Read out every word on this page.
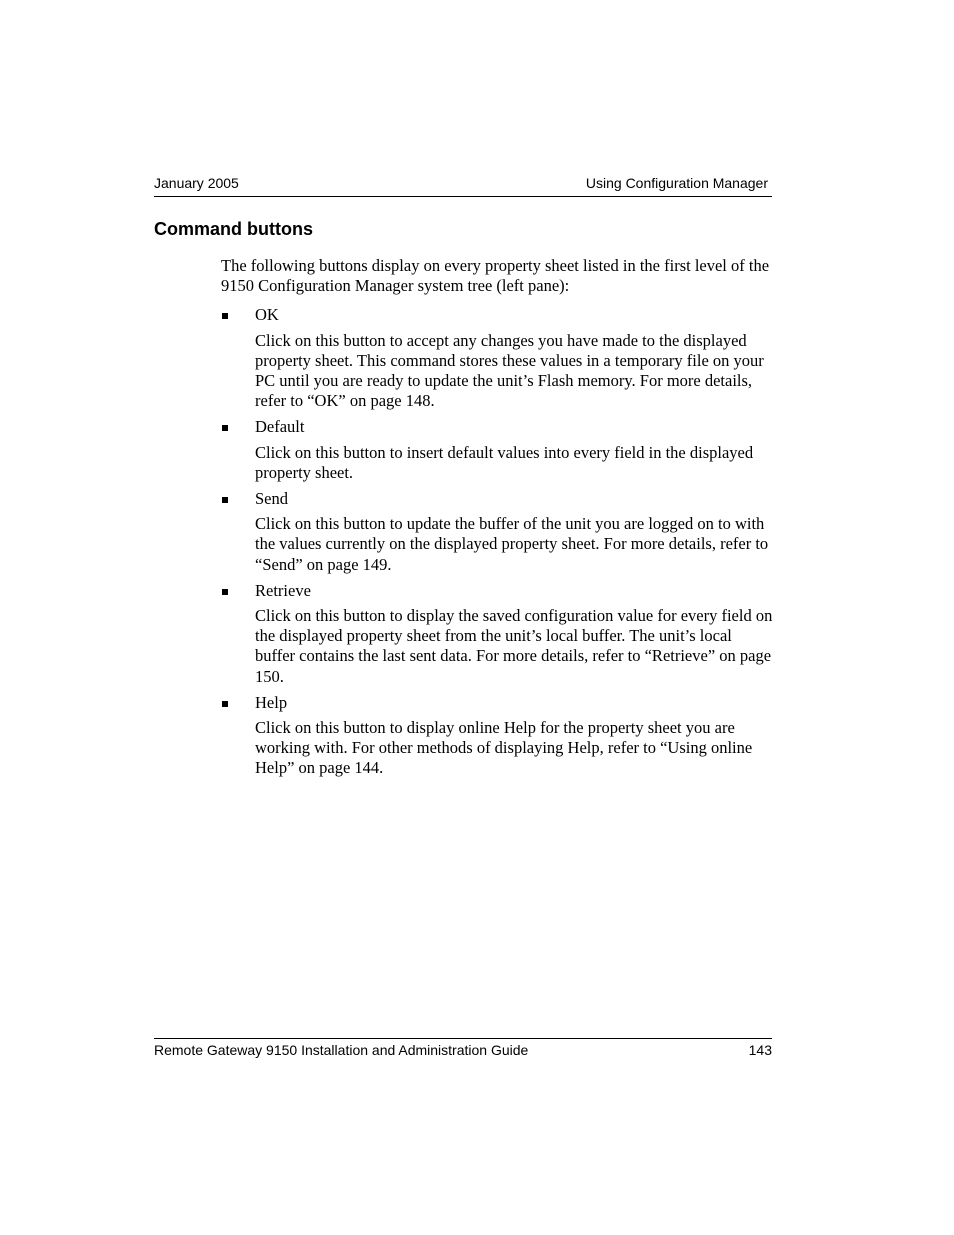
January 2005	Using Configuration Manager
Command buttons

The following buttons display on every property sheet listed in the first level of the 9150 Configuration Manager system tree (left pane):

OK

Click on this button to accept any changes you have made to the displayed property sheet. This command stores these values in a temporary file on your PC until you are ready to update the unit’s Flash memory. For more details, refer to “OK” on page 148.

Default

Click on this button to insert default values into every field in the displayed property sheet.

Send

Click on this button to update the buffer of the unit you are logged on to with the values currently on the displayed property sheet. For more details, refer to “Send” on page 149.

Retrieve

Click on this button to display the saved configuration value for every field on the displayed property sheet from the unit’s local buffer. The unit’s local buffer contains the last sent data. For more details, refer to “Retrieve” on page 150.

Help

Click on this button to display online Help for the property sheet you are working with. For other methods of displaying Help, refer to “Using online Help” on page 144.

Remote Gateway 9150 Installation and Administration Guide	143
